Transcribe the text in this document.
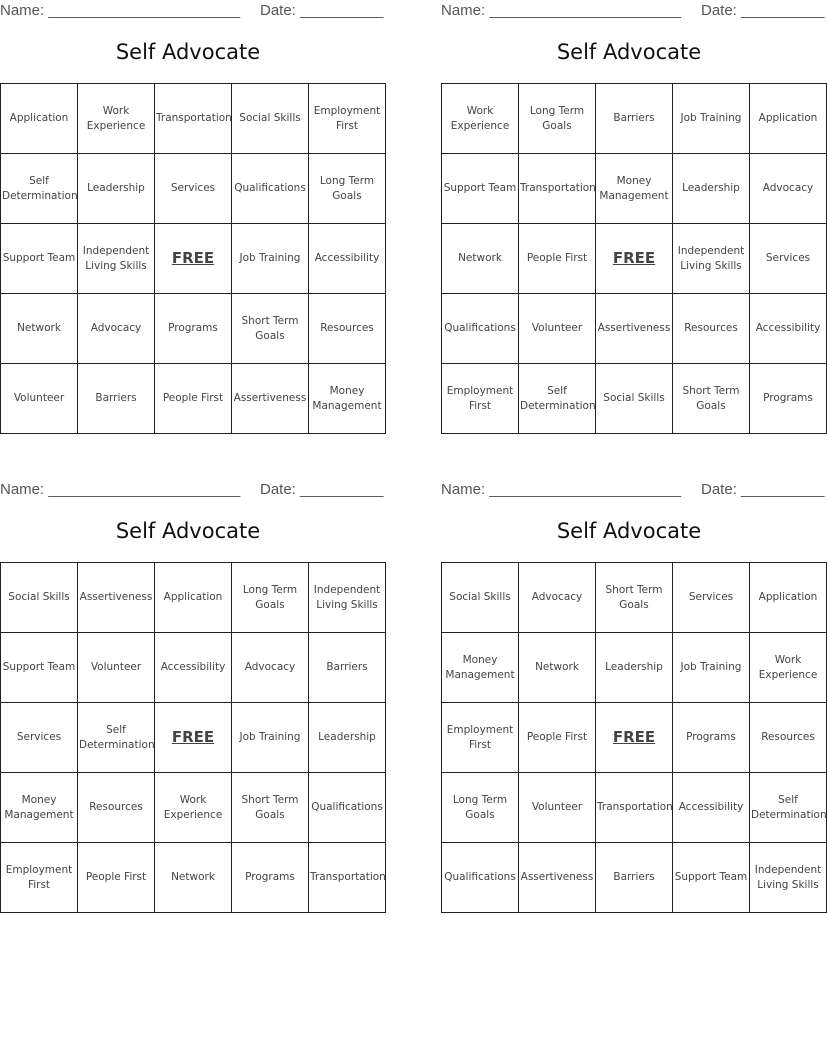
Name: _______________________ Date: __________
Self Advocate
Application	Work Experience	Transportation	Social Skills	Employment First
Self Determination	Leadership	Services	Qualifications	Long Term Goals
Support Team	Independent Living Skills	FREE	Job Training	Accessibility
Network	Advocacy	Programs	Short Term Goals	Resources
Volunteer	Barriers	People First	Assertiveness	Money Management
Name: _______________________ Date: __________
Self Advocate
Work Experience	Long Term Goals	Barriers	Job Training	Application
Support Team	Transportation	Money Management	Leadership	Advocacy
Network	People First	FREE	Independent Living Skills	Services
Qualifications	Volunteer	Assertiveness	Resources	Accessibility
Employment First	Self Determination	Social Skills	Short Term Goals	Programs
Name: _______________________ Date: __________
Self Advocate
Social Skills	Assertiveness	Application	Long Term Goals	Independent Living Skills
Support Team	Volunteer	Accessibility	Advocacy	Barriers
Services	Self Determination	FREE	Job Training	Leadership
Money Management	Resources	Work Experience	Short Term Goals	Qualifications
Employment First	People First	Network	Programs	Transportation
Name: _______________________ Date: __________
Self Advocate
Social Skills	Advocacy	Short Term Goals	Services	Application
Money Management	Network	Leadership	Job Training	Work Experience
Employment First	People First	FREE	Programs	Resources
Long Term Goals	Volunteer	Transportation	Accessibility	Self Determination
Qualifications	Assertiveness	Barriers	Support Team	Independent Living Skills
